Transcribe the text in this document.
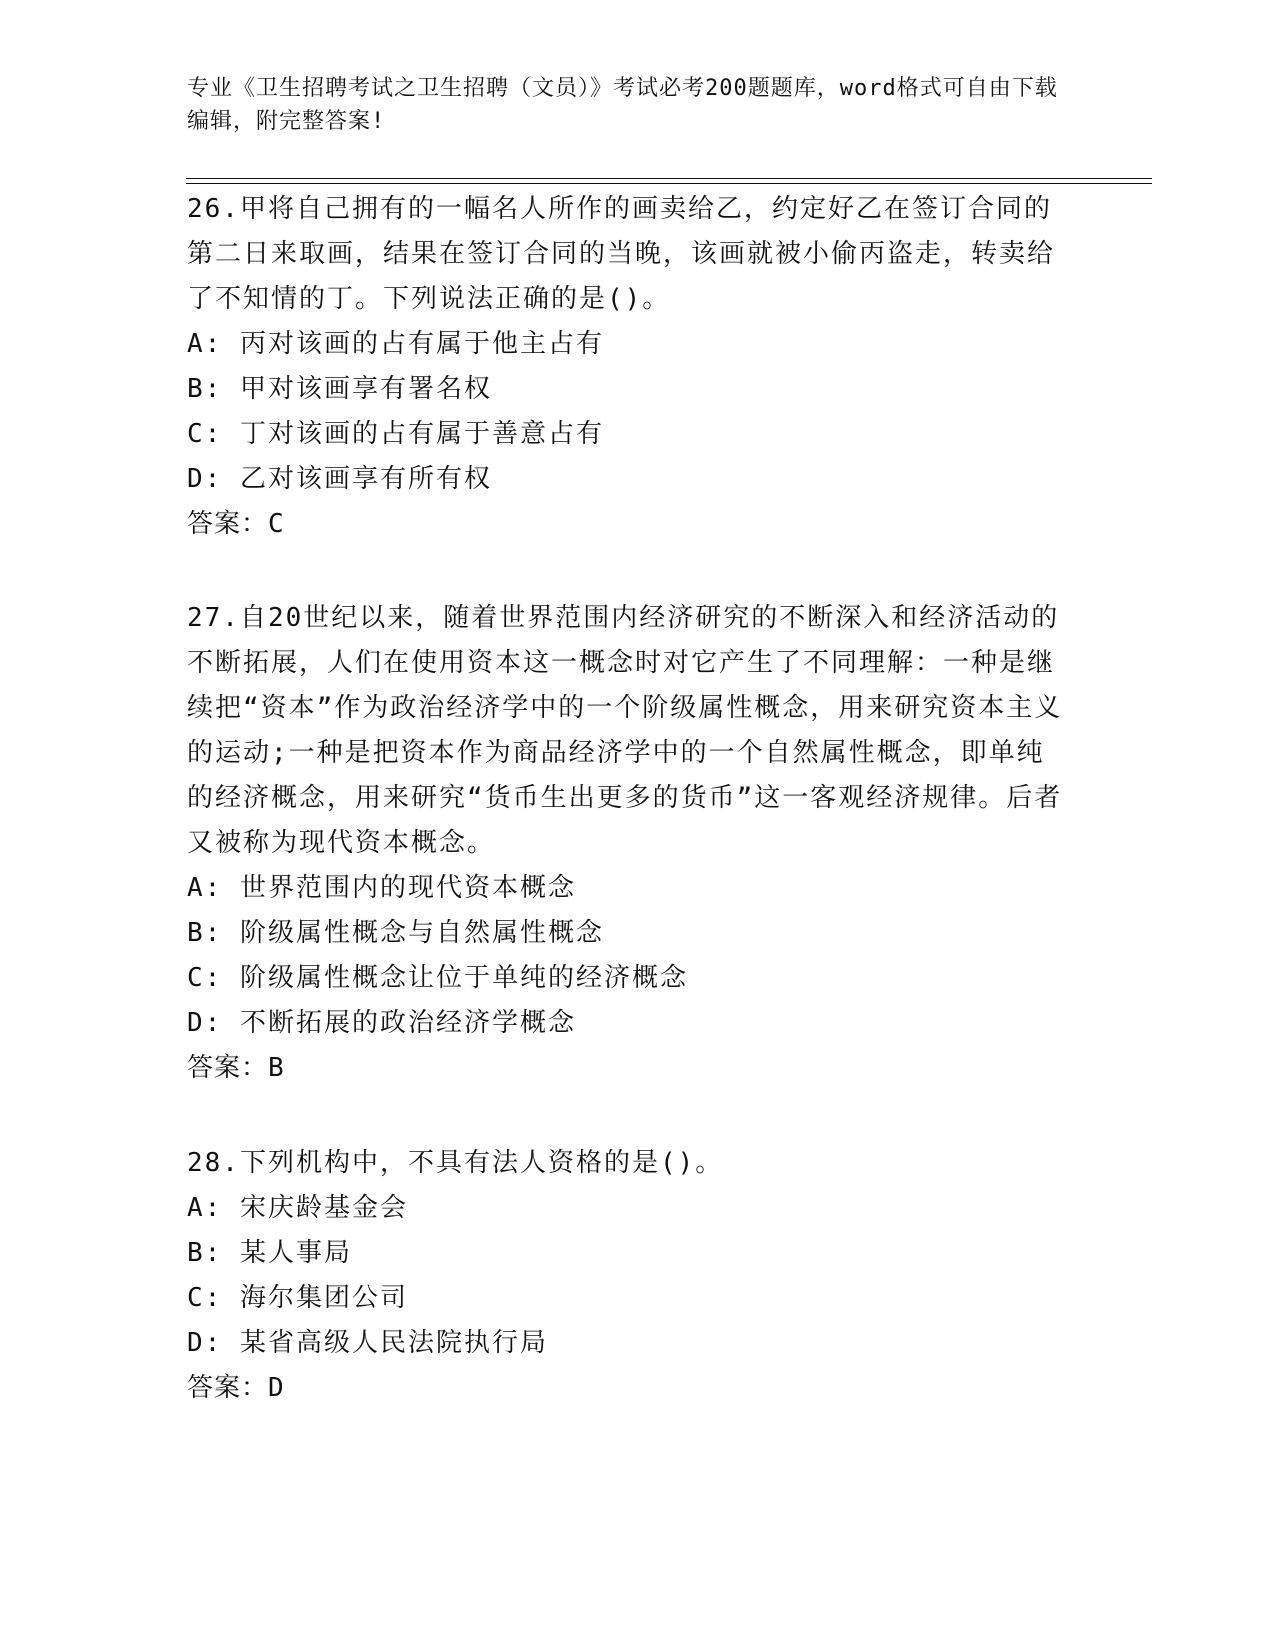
专业《卫生招聘考试之卫生招聘（文员）》考试必考200题题库，word格式可自由下载编辑，附完整答案!
26.甲将自己拥有的一幅名人所作的画卖给乙，约定好乙在签订合同的第二日来取画，结果在签订合同的当晚，该画就被小偷丙盗走，转卖给了不知情的丁。下列说法正确的是()。
A: 丙对该画的占有属于他主占有
B: 甲对该画享有署名权
C: 丁对该画的占有属于善意占有
D: 乙对该画享有所有权
答案：C
27.自20世纪以来，随着世界范围内经济研究的不断深入和经济活动的不断拓展，人们在使用资本这一概念时对它产生了不同理解：一种是继续把“资本”作为政治经济学中的一个阶级属性概念，用来研究资本主义的运动;一种是把资本作为商品经济学中的一个自然属性概念，即单纯的经济概念，用来研究“货币生出更多的货币”这一客观经济规律。后者又被称为现代资本概念。
A: 世界范围内的现代资本概念
B: 阶级属性概念与自然属性概念
C: 阶级属性概念让位于单纯的经济概念
D: 不断拓展的政治经济学概念
答案：B
28.下列机构中，不具有法人资格的是()。
A: 宋庆龄基金会
B: 某人事局
C: 海尔集团公司
D: 某省高级人民法院执行局
答案：D
